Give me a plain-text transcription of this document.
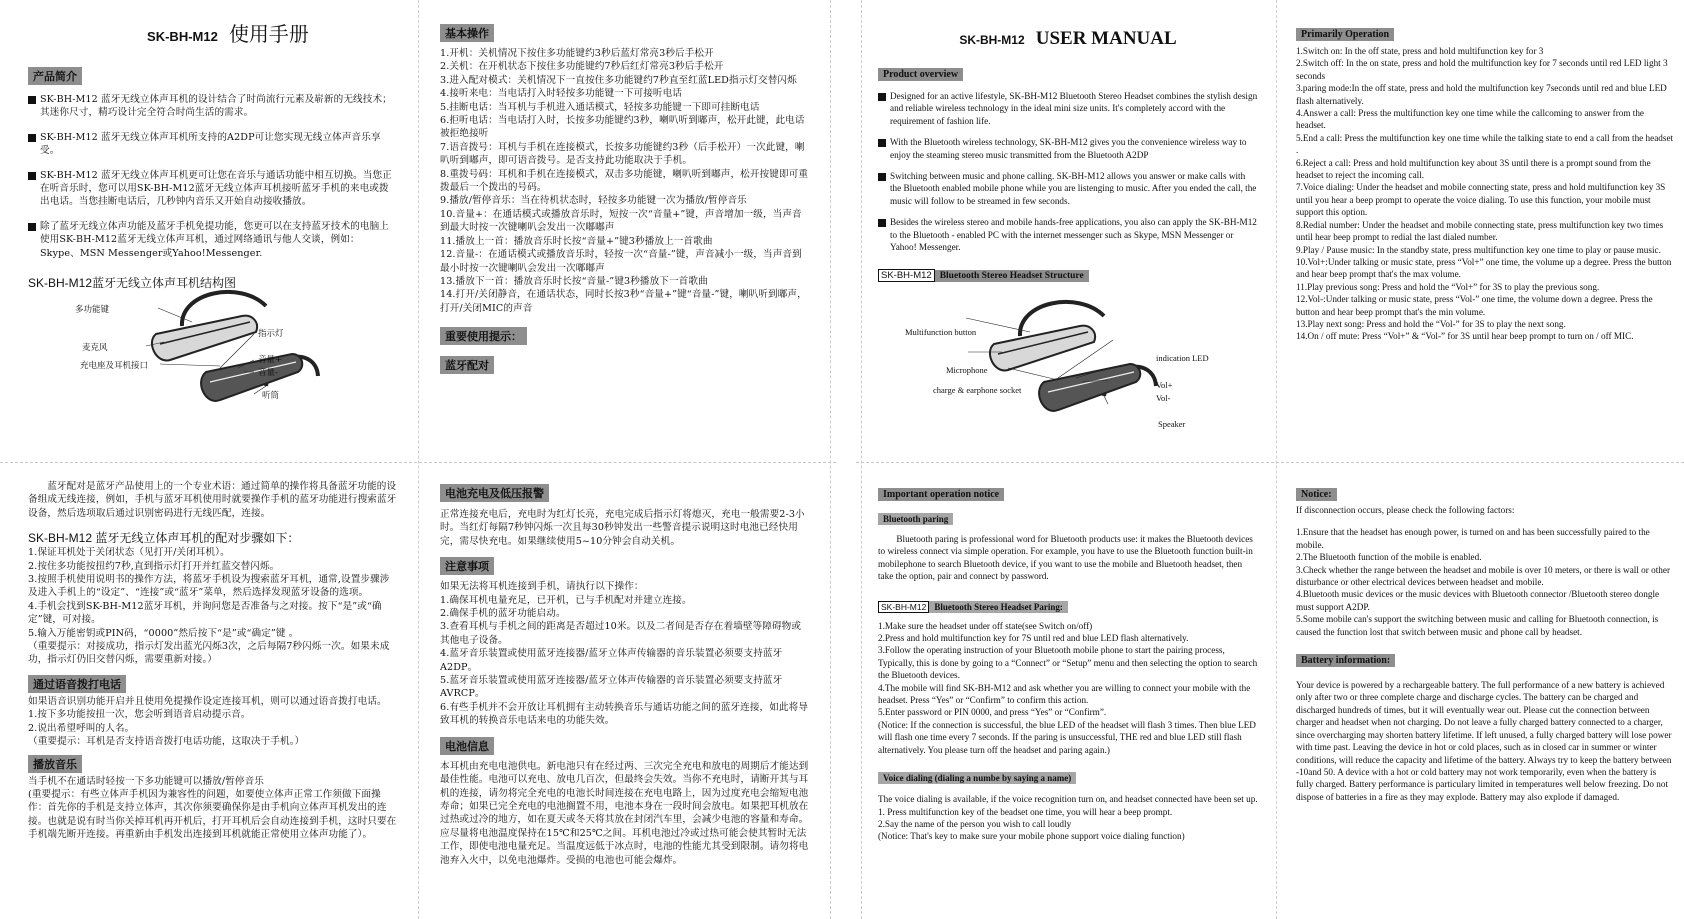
SK-BH-M12 使用手册
产品简介

SK-BH-M12 蓝牙无线立体声耳机的设计结合了时尚流行元素及崭新的无线技术；其迷你尺寸，精巧设计完全符合时尚生活的需求。

SK-BH-M12 蓝牙无线立体声耳机所支持的A2DP可让您实现无线立体声音乐享受。

SK-BH-M12 蓝牙无线立体声耳机更可让您在音乐与通话功能中相互切换。当您正在听音乐时，您可以用SK-BH-M12蓝牙无线立体声耳机接听蓝牙手机的来电或拨出电话。当您挂断电话后，几秒钟内音乐又开始自动接收播放。

除了蓝牙无线立体声功能及蓝牙手机免提功能，您更可以在支持蓝牙技术的电脑上使用SK-BH-M12蓝牙无线立体声耳机，通过网络通讯与他人交谈，例如：Skype、MSN Messenger或Yahoo!Messenger.

SK-BH-M12蓝牙无线立体声耳机结构图

多功能键
麦克风
充电座及耳机接口
指示灯
音量+
音量-
听筒
基本操作

1.开机：关机情况下按住多功能键约3秒后蓝灯常亮3秒后手松开

2.关机：在开机状态下按住多功能键约7秒后红灯常亮3秒后手松开

3.进入配对模式：关机情况下一直按住多功能键约7秒直至红蓝LED指示灯交替闪烁

4.接听来电：当电话打入时轻按多功能键一下可接听电话

5.挂断电话：当耳机与手机进入通话模式，轻按多功能键一下即可挂断电话

6.拒听电话：当电话打入时，长按多功能键约3秒，喇叭听到嘟声，松开此键，此电话被拒绝接听

7.语音拨号：耳机与手机在连接模式，长按多功能键约3秒（后手松开）一次此键，喇叭听到嘟声，即可语音拨号。是否支持此功能取决于手机。

8.重拨号码：耳机和手机在连接模式，双击多功能键，喇叭听到嘟声，松开按键即可重拨最后一个拨出的号码。

9.播放/暂停音乐：当在待机状态时，轻按多功能键一次为播放/暂停音乐

10.音量+：在通话模式或播放音乐时，短按一次“音量+”键，声音增加一级，当声音到最大时按一次键喇叭会发出一次嘟嘟声

11.播放上一首：播放音乐时长按“音量+”键3秒播放上一首歌曲

12.音量-：在通话模式或播放音乐时，轻按一次“音量-”键，声音减小一级，当声音到最小时按一次键喇叭会发出一次嘟嘟声

13.播放下一首：播放音乐时长按“音量-”键3秒播放下一首歌曲

14.打开/关闭静音，在通话状态，同时长按3秒“音量+”键“音量-”键，喇叭听到嘟声，打开/关闭MIC的声音

重要使用提示：
蓝牙配对

蓝牙配对是蓝牙产品使用上的一个专业术语：通过简单的操作将具备蓝牙功能的设备组成无线连接，例如，手机与蓝牙耳机使用时就要操作手机的蓝牙功能进行搜索蓝牙设备，然后选项取后通过识别密码进行无线匹配，连接。

SK-BH-M12 蓝牙无线立体声耳机的配对步骤如下：

1.保证耳机处于关闭状态（见打开/关闭耳机）。

2.按住多功能按扭约7秒,直到指示灯打开并红蓝交替闪烁。

3.按照手机使用说明书的操作方法，将蓝牙手机设为搜索蓝牙耳机，通常,设置步骤涉及进入手机上的“设定”、“连接”或“蓝牙”菜单，然后选择发现蓝牙设备的选项。

4.手机会找到SK-BH-M12蓝牙耳机，并询问您是否准备与之对接。按下“是”或“确定”键，可对接。

5.输入万能密钥或PIN码，“0000”然后按下“是”或“确定”键 。

（重要提示：对接成功，指示灯发出蓝光闪烁3次，之后每隔7秒闪烁一次。如果未成功，指示灯仍旧交替闪烁，需要重新对接。）

通过语音拨打电话

如果语音识别功能开启并且使用免提操作设定连接耳机，则可以通过语音拨打电话。
1.按下多功能按扭一次，您会听到语音启动提示音。
2.说出希望呼叫的人名。
（重要提示：耳机是否支持语音拨打电话功能，这取决于手机。）

播放音乐

当手机不在通话时轻按一下多功能键可以播放/暂停音乐
(重要提示：有些立体声手机因为兼容性的问题，如要使立体声正常工作须做下面操作：首先你的手机是支持立体声，其次你须要确保你是由手机向立体声耳机发出的连接。也就是说有时当你关掉耳机再开机后，打开耳机后会自动连接到手机，这时只要在手机端先断开连接。再重新由手机发出连接到耳机就能正常使用立体声功能了）。

电池充电及低压报警

正常连接充电后，充电时为红灯长亮，充电完成后指示灯将熄灭，充电一般需要2-3小时。当红灯每隔7秒钟闪烁一次且每30秒钟发出一些警音提示说明这时电池已经快用完，需尽快充电。如果继续使用5~10分钟会自动关机。

注意事项

如果无法将耳机连接到手机，请执行以下操作：
1.确保耳机电量充足，已开机，已与手机配对并建立连接。
2.确保手机的蓝牙功能启动。
3.查看耳机与手机之间的距离是否超过10米。以及二者间是否存在着墙壁等障碍物或其他电子设备。
4.蓝牙音乐装置或使用蓝牙连接器/蓝牙立体声传输器的音乐装置必须要支持蓝牙A2DP。
5.蓝牙音乐装置或使用蓝牙连接器/蓝牙立体声传输器的音乐装置必须要支持蓝牙AVRCP。
6.有些手机并不会开放让耳机拥有主动转换音乐与通话功能之间的蓝牙连接，如此将导致耳机的转换音乐电话来电的功能失效。

电池信息

本耳机由充电电池供电。新电池只有在经过两、三次完全充电和放电的周期后才能达到最佳性能。电池可以充电、放电几百次，但最终会失效。当你不充电时，请断开其与耳机的连接，请勿将完全充电的电池长时间连接在充电电路上，因为过度充电会缩短电池寿命；如果已完全充电的电池搁置不用，电池本身在一段时间会放电。如果把耳机放在过热或过冷的地方，如在夏天或冬天将其放在封闭汽车里，会减少电池的容量和寿命。应尽量将电池温度保持在15℃和25℃之间。耳机电池过冷或过热可能会使其暂时无法工作，即使电池电量充足。当温度远低于冰点时，电池的性能尤其受到限制。请勿将电池弃入火中，以免电池爆炸。受损的电池也可能会爆炸。

SK-BH-M12 USER MANUAL
Product overview

Designed for an active lifestyle, SK-BH-M12 Bluetooth Stereo Headset combines the stylish design and reliable wireless technology in the ideal mini size units. It's completely accord with the requirement of fashion life.

With the Bluetooth wireless technology, SK-BH-M12 gives you the convenience wireless way to enjoy the steaming stereo music transmitted from the Bluetooth A2DP

Switching between music and phone calling. SK-BH-M12 allows you answer or make calls with the Bluetooth enabled mobile phone while you are listenging to music. After you ended the call, the music will follow to be streamed in few seconds.

Besides the wireless stereo and mobile hands-free applications, you also can apply the SK-BH-M12 to the Bluetooth - enabled PC with the internet messenger such as Skype, MSN Messenger or Yahoo! Messenger.

SK-BH-M12 Bluetooth Stereo Headset Structure
Multifunction button
Microphone
charge & earphone socket
indication LED
Vol+
Vol-
Speaker
Primarily Operation

1.Switch on: In the off state, press and hold multifunction key for 3

2.Switch off: In the on state, press and hold the multifunction key for 7 seconds until red LED light 3 seconds

3.paring mode:In the off state, press and hold the multifunction key 7seconds until red and blue LED flash alternatively.

4.Answer a call: Press the multifunction key one time while the callcoming to answer from the headset.

5.End a call: Press the multifunction key one time while the talking state to end a call from the headset .

6.Reject a call: Press and hold multifunction key about 3S until there is a prompt sound from the headset to reject the incoming call.

7.Voice dialing: Under the headset and mobile connecting state, press and hold multifunction key 3S until you hear a beep prompt to operate the voice dialing. To use this function, your mobile must support this option.

8.Redial number: Under the headset and mobile connecting state, press multifunction key two times until hear beep prompt to redial the last dialed number.

9.Play / Pause music: In the standby state, press multifunction key one time to play or pause music.

10.Vol+:Under talking or music state, press “Vol+” one time, the volume up a degree. Press the button and hear beep prompt that's the max volume.

11.Play previous song: Press and hold the “Vol+” for 3S to play the previous song.

12.Vol-:Under talking or music state, press “Vol-” one time, the volume down a degree. Press the button and hear beep prompt that's the min volume.

13.Play next song: Press and hold the “Vol-” for 3S to play the next song.

14.On / off mute: Press “Vol+” & “Vol-” for 3S until hear beep prompt to turn on / off MIC.

Important operation notice
Bluetooth paring

Bluetooth paring is professional word for Bluetooth products use: it makes the Bluetooth devices to wireless connect via simple operation. For example, you have to use the Bluetooth function built-in mobilephone to search Bluetooth device, if you want to use the mobile and Bluetooth headset, then take the option, pair and connect by password.

SK-BH-M12 Bluetooth Stereo Headset Paring:

1.Make sure the headset under off state(see Switch on/off)
2.Press and hold multifunction key for 7S until red and blue LED flash alternatively.
3.Follow the operating instruction of your Bluetooth mobile phone to start the pairing process, Typically, this is done by going to a “Connect” or “Setup” menu and then selecting the option to search the Bluetooth devices.
4.The mobile will find SK-BH-M12 and ask whether you are willing to connect your mobile with the headset. Press “Yes” or “Confirm” to confirm this action.
5.Enter password or PIN 0000, and press “Yes” or “Confirm”.
(Notice: If the connection is successful, the blue LED of the headset will flash 3 times. Then blue LED will flash one time every 7 seconds. If the paring is unsuccessful, THE red and blue LED still flash alternatively. You please turn off the headset and paring again.)

Voice dialing (dialing a numbe by saying a name)

The voice dialing is available, if the voice recognition turn on, and headset connected have been set up.
1. Press multifunction key of the beadset one time, you will hear a beep prompt.
2.Say the name of the person you wish to call loudly
(Notice: That's key to make sure your mobile phone support voice dialing function)

Notice:

If disconnection occurs, please check the following factors:

1.Ensure that the headset has enough power, is turned on and has been successfully paired to the mobile.

2.The Bluetooth function of the mobile is enabled.

3.Check whether the range between the headset and mobile is over 10 meters, or there is wall or other disturbance or other electrical devices between headset and mobile.

4.Bluetooth music devices or the music devices with Bluetooth connector /Bluetooth stereo dongle must support A2DP.

5.Some mobile can's support the switching between music and calling for Bluetooth connection, is caused the function lost that switch between music and phone call by headset.

Battery information:

Your device is powered by a rechargeable battery. The full performance of a new battery is achieved only after two or three complete charge and discharge cycles. The battery can be charged and discharged hundreds of times, but it will eventually wear out. Please cut the connection between charger and headset when not charging. Do not leave a fully charged battery connected to a charger, since overcharging may shorten battery lifetime. If left unused, a fully charged battery will lose power with time past. Leaving the device in hot or cold places, such as in closed car in summer or winter conditions, will reduce the capacity and lifetime of the battery. Always try to keep the battery between -10and 50. A device with a hot or cold battery may not work temporarily, even when the battery is fully charged. Battery performance is particulary limited in temperatures well below freezing. Do not dispose of batteries in a fire as they may explode. Battery may also explode if damaged.
